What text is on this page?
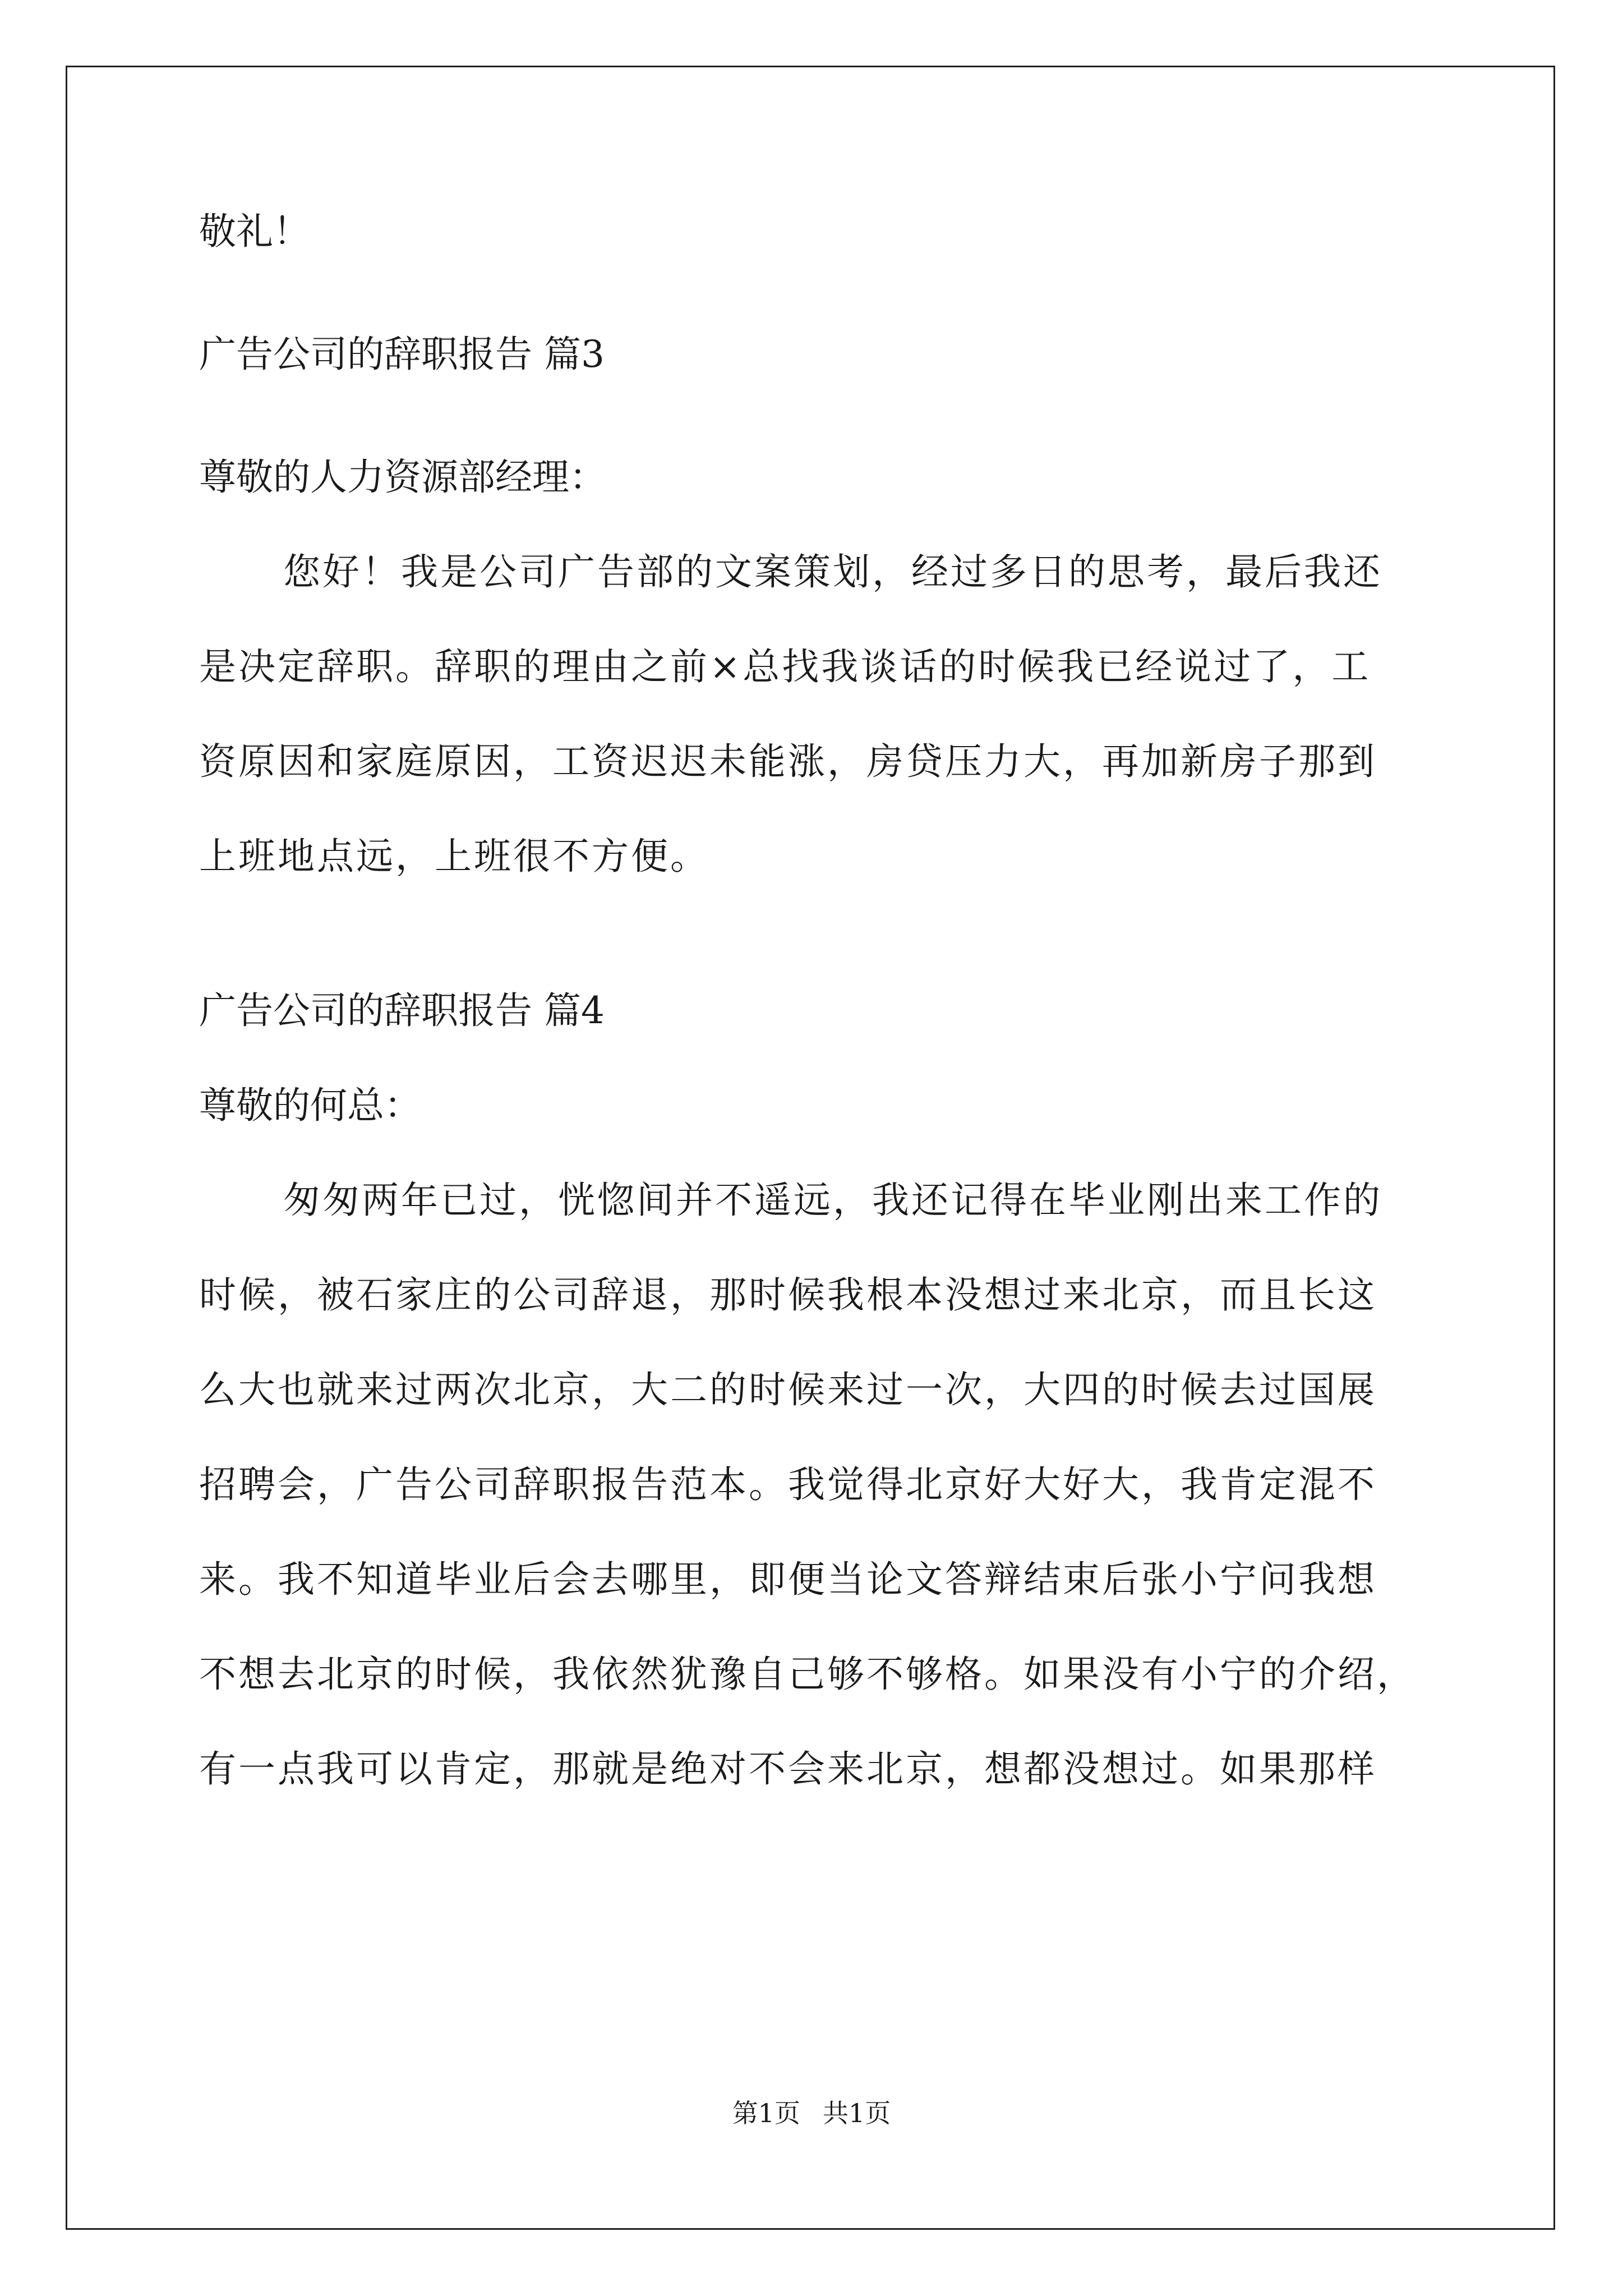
敬礼！

广告公司的辞职报告 篇3

尊敬的人力资源部经理：

您好！我是公司广告部的文案策划，经过多日的思考，最后我还

是决定辞职。辞职的理由之前×总找我谈话的时候我已经说过了，工

资原因和家庭原因，工资迟迟未能涨，房贷压力大，再加新房子那到

上班地点远，上班很不方便。

广告公司的辞职报告 篇4

尊敬的何总：

匆匆两年已过，恍惚间并不遥远，我还记得在毕业刚出来工作的

时候，被石家庄的公司辞退，那时候我根本没想过来北京，而且长这

么大也就来过两次北京，大二的时候来过一次，大四的时候去过国展

招聘会，广告公司辞职报告范本。我觉得北京好大好大，我肯定混不

来。我不知道毕业后会去哪里，即便当论文答辩结束后张小宁问我想

不想去北京的时候，我依然犹豫自己够不够格。如果没有小宁的介绍，

有一点我可以肯定，那就是绝对不会来北京，想都没想过。如果那样

第1页 共1页
